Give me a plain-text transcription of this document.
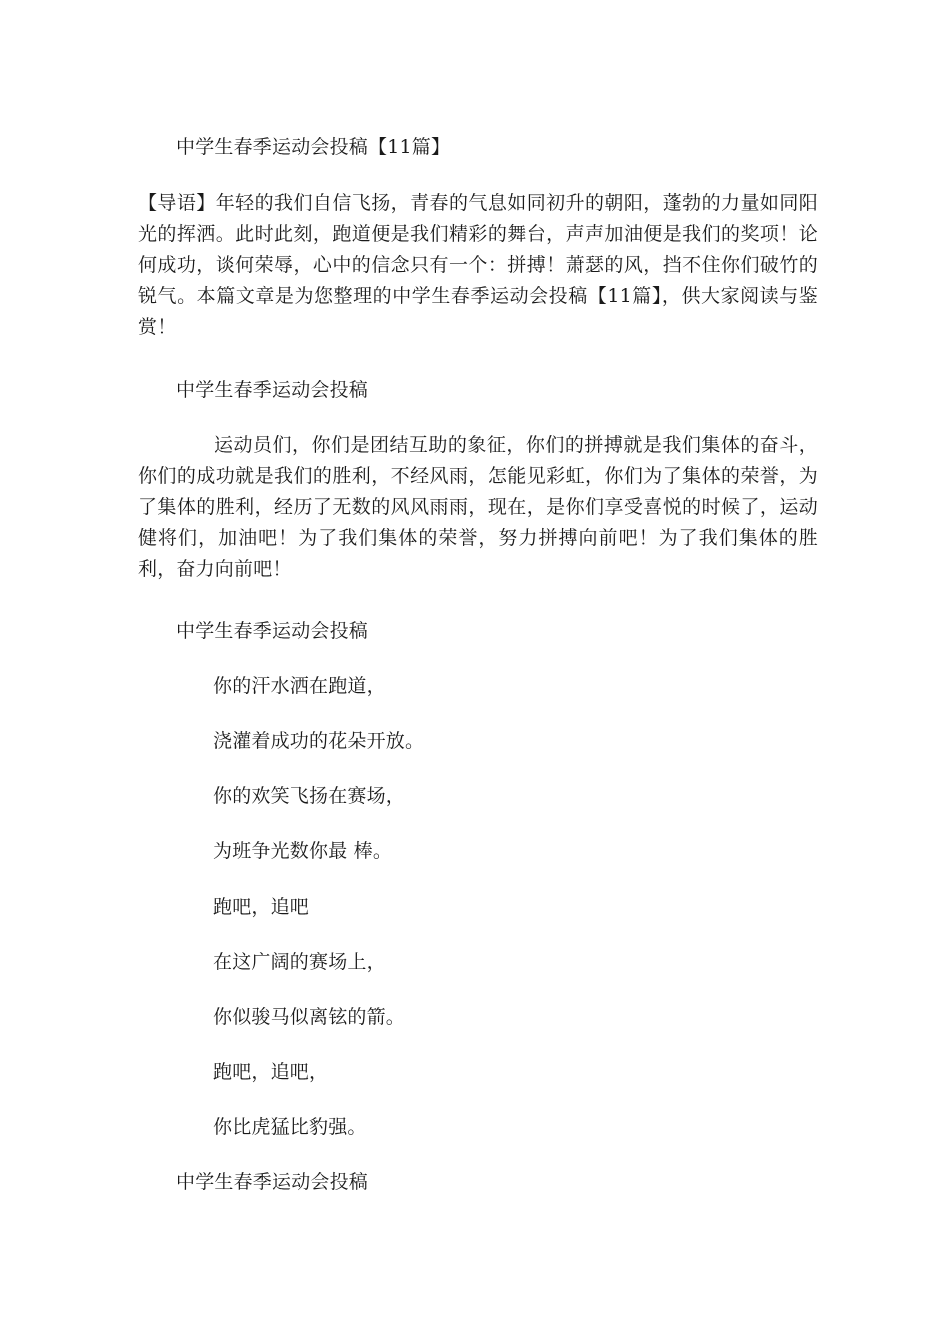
中学生春季运动会投稿【11篇】
【导语】年轻的我们自信飞扬，青春的气息如同初升的朝阳，蓬勃的力量如同阳光的挥洒。此时此刻，跑道便是我们精彩的舞台，声声加油便是我们的奖项！论何成功，谈何荣辱，心中的信念只有一个：拼搏！萧瑟的风，挡不住你们破竹的锐气。本篇文章是为您整理的中学生春季运动会投稿【11篇】，供大家阅读与鉴赏！
中学生春季运动会投稿
运动员们，你们是团结互助的象征，你们的拼搏就是我们集体的奋斗，你们的成功就是我们的胜利，不经风雨，怎能见彩虹，你们为了集体的荣誉，为了集体的胜利，经历了无数的风风雨雨，现在，是你们享受喜悦的时候了，运动健将们，加油吧！为了我们集体的荣誉，努力拼搏向前吧！为了我们集体的胜利，奋力向前吧！
中学生春季运动会投稿
你的汗水洒在跑道，
浇灌着成功的花朵开放。
你的欢笑飞扬在赛场，
为班争光数你最 棒。
跑吧，追吧
在这广阔的赛场上，
你似骏马似离铉的箭。
跑吧，追吧，
你比虎猛比豹强。
中学生春季运动会投稿
